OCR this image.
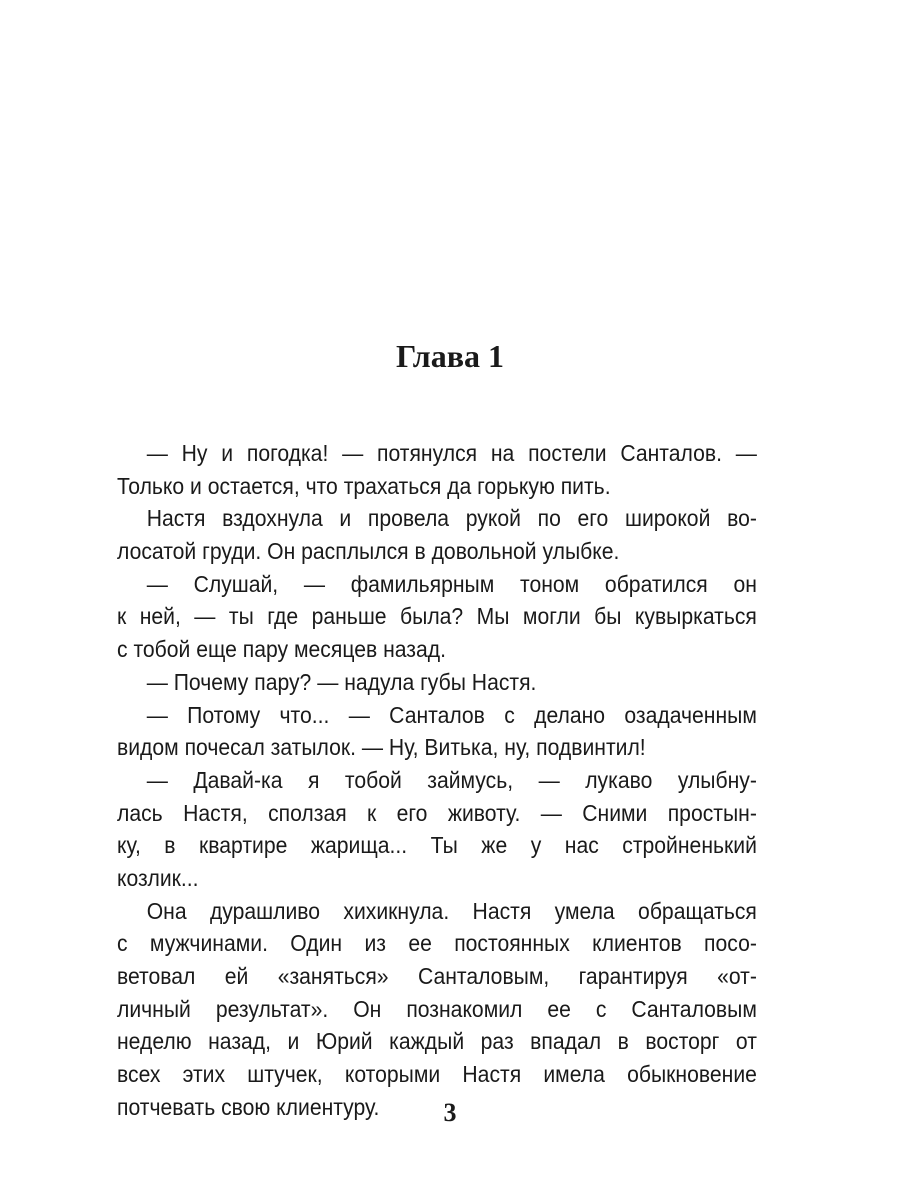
Глава 1
— Ну и погодка! — потянулся на постели Санталов. —
Только и остается, что трахаться да горькую пить.
Настя вздохнула и провела рукой по его широкой во-
лосатой груди. Он расплылся в довольной улыбке.
— Слушай, — фамильярным тоном обратился он
к ней, — ты где раньше была? Мы могли бы кувыркаться
с тобой еще пару месяцев назад.
— Почему пару? — надула губы Настя.
— Потому что... — Санталов с делано озадаченным
видом почесал затылок. — Ну, Витька, ну, подвинтил!
— Давай-ка я тобой займусь, — лукаво улыбну-
лась Настя, сползая к его животу. — Сними простын-
ку, в квартире жарища... Ты же у нас стройненький
козлик...
Она дурашливо хихикнула. Настя умела обращаться
с мужчинами. Один из ее постоянных клиентов посо-
ветовал ей «заняться» Санталовым, гарантируя «от-
личный результат». Он познакомил ее с Санталовым
неделю назад, и Юрий каждый раз впадал в восторг от
всех этих штучек, которыми Настя имела обыкновение
потчевать свою клиентуру.	3
